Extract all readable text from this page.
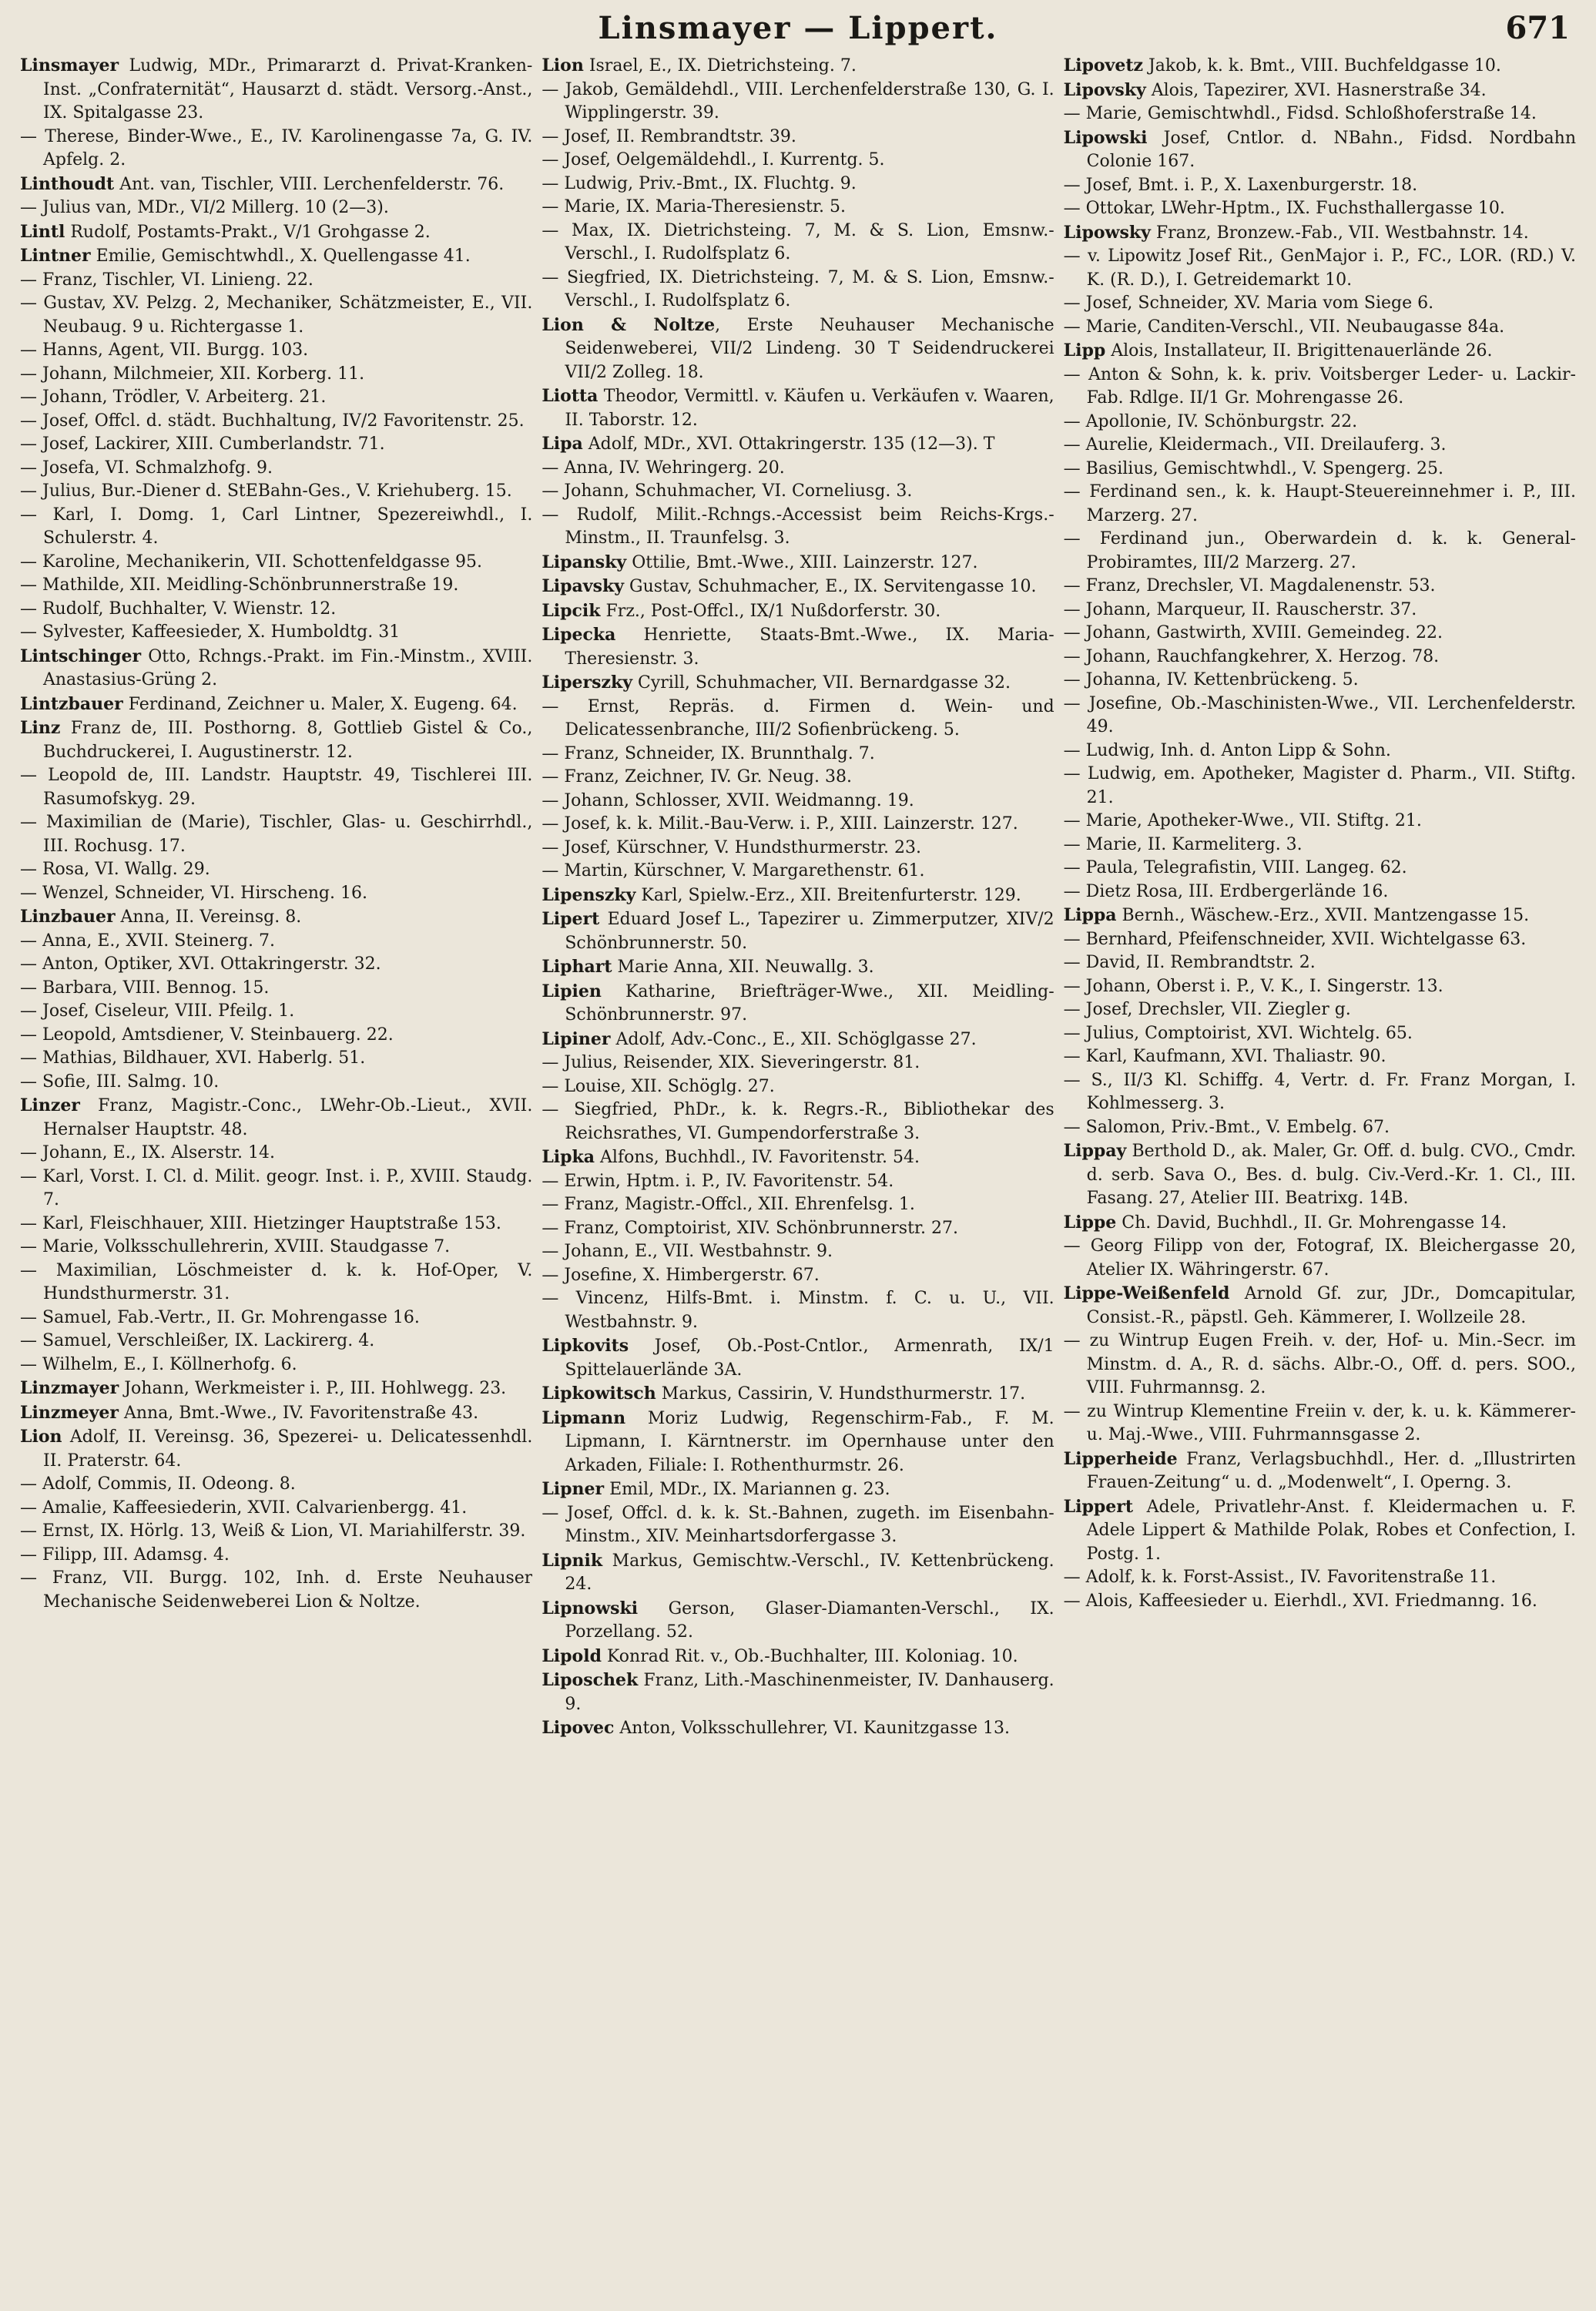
Linsmayer — Lippert.	671

Linsmayer Ludwig, MDr., Primararzt d. Privat-Kranken-Inst. „Confraternität“, Hausarzt d. städt. Versorg.-Anst., IX. Spitalgasse 23.

— Therese, Binder-Wwe., E., IV. Karolinengasse 7a, G. IV. Apfelg. 2.

Linthoudt Ant. van, Tischler, VIII. Lerchenfelderstr. 76.

— Julius van, MDr., VI/2 Millerg. 10 (2—3).

Lintl Rudolf, Postamts-Prakt., V/1 Grohgasse 2.

Lintner Emilie, Gemischtwhdl., X. Quellengasse 41.

— Franz, Tischler, VI. Linieng. 22.

— Gustav, XV. Pelzg. 2, Mechaniker, Schätzmeister, E., VII. Neubaug. 9 u. Richtergasse 1.

— Hanns, Agent, VII. Burgg. 103.

— Johann, Milchmeier, XII. Korberg. 11.

— Johann, Trödler, V. Arbeiterg. 21.

— Josef, Offcl. d. städt. Buchhaltung, IV/2 Favoritenstr. 25.

— Josef, Lackirer, XIII. Cumberlandstr. 71.

— Josefa, VI. Schmalzhofg. 9.

— Julius, Bur.-Diener d. StEBahn-Ges., V. Kriehuberg. 15.

— Karl, I. Domg. 1, Carl Lintner, Spezereiwhdl., I. Schulerstr. 4.

— Karoline, Mechanikerin, VII. Schottenfeldgasse 95.

— Mathilde, XII. Meidling-Schönbrunnerstraße 19.

— Rudolf, Buchhalter, V. Wienstr. 12.

— Sylvester, Kaffeesieder, X. Humboldtg. 31

Lintschinger Otto, Rchngs.-Prakt. im Fin.-Minstm., XVIII. Anastasius-Grüng 2.

Lintzbauer Ferdinand, Zeichner u. Maler, X. Eugeng. 64.

Linz Franz de, III. Posthorng. 8, Gottlieb Gistel & Co., Buchdruckerei, I. Augustinerstr. 12.

— Leopold de, III. Landstr. Hauptstr. 49, Tischlerei III. Rasumofskyg. 29.

— Maximilian de (Marie), Tischler, Glas- u. Geschirrhdl., III. Rochusg. 17.

— Rosa, VI. Wallg. 29.

— Wenzel, Schneider, VI. Hirscheng. 16.

Linzbauer Anna, II. Vereinsg. 8.

— Anna, E., XVII. Steinerg. 7.

— Anton, Optiker, XVI. Ottakringerstr. 32.

— Barbara, VIII. Bennog. 15.

— Josef, Ciseleur, VIII. Pfeilg. 1.

— Leopold, Amtsdiener, V. Steinbauerg. 22.

— Mathias, Bildhauer, XVI. Haberlg. 51.

— Sofie, III. Salmg. 10.

Linzer Franz, Magistr.-Conc., LWehr-Ob.-Lieut., XVII. Hernalser Hauptstr. 48.

— Johann, E., IX. Alserstr. 14.

— Karl, Vorst. I. Cl. d. Milit. geogr. Inst. i. P., XVIII. Staudg. 7.

— Karl, Fleischhauer, XIII. Hietzinger Hauptstraße 153.

— Marie, Volksschullehrerin, XVIII. Staudgasse 7.

— Maximilian, Löschmeister d. k. k. Hof-Oper, V. Hundsthurmerstr. 31.

— Samuel, Fab.-Vertr., II. Gr. Mohrengasse 16.

— Samuel, Verschleißer, IX. Lackirerg. 4.

— Wilhelm, E., I. Köllnerhofg. 6.

Linzmayer Johann, Werkmeister i. P., III. Hohlwegg. 23.

Linzmeyer Anna, Bmt.-Wwe., IV. Favoritenstraße 43.

Lion Adolf, II. Vereinsg. 36, Spezerei- u. Delicatessenhdl. II. Praterstr. 64.

— Adolf, Commis, II. Odeong. 8.

— Amalie, Kaffeesiederin, XVII. Calvarienbergg. 41.

— Ernst, IX. Hörlg. 13, Weiß & Lion, VI. Mariahilferstr. 39.

— Filipp, III. Adamsg. 4.

— Franz, VII. Burgg. 102, Inh. d. Erste Neuhauser Mechanische Seidenweberei Lion & Noltze.

Lion Israel, E., IX. Dietrichsteing. 7.

— Jakob, Gemäldehdl., VIII. Lerchenfelderstraße 130, G. I. Wipplingerstr. 39.

— Josef, II. Rembrandtstr. 39.

— Josef, Oelgemäldehdl., I. Kurrentg. 5.

— Ludwig, Priv.-Bmt., IX. Fluchtg. 9.

— Marie, IX. Maria-Theresienstr. 5.

— Max, IX. Dietrichsteing. 7, M. & S. Lion, Emsnw.-Verschl., I. Rudolfsplatz 6.

— Siegfried, IX. Dietrichsteing. 7, M. & S. Lion, Emsnw.-Verschl., I. Rudolfsplatz 6.

Lion & Noltze, Erste Neuhauser Mechanische Seidenweberei, VII/2 Lindeng. 30 T Seidendruckerei VII/2 Zolleg. 18.

Liotta Theodor, Vermittl. v. Käufen u. Verkäufen v. Waaren, II. Taborstr. 12.

Lipa Adolf, MDr., XVI. Ottakringerstr. 135 (12—3). T

— Anna, IV. Wehringerg. 20.

— Johann, Schuhmacher, VI. Corneliusg. 3.

— Rudolf, Milit.-Rchngs.-Accessist beim Reichs-Krgs.-Minstm., II. Traunfelsg. 3.

Lipansky Ottilie, Bmt.-Wwe., XIII. Lainzerstr. 127.

Lipavsky Gustav, Schuhmacher, E., IX. Servitengasse 10.

Lipcik Frz., Post-Offcl., IX/1 Nußdorferstr. 30.

Lipecka Henriette, Staats-Bmt.-Wwe., IX. Maria-Theresienstr. 3.

Liperszky Cyrill, Schuhmacher, VII. Bernardgasse 32.

— Ernst, Repräs. d. Firmen d. Wein- und Delicatessenbranche, III/2 Sofienbrückeng. 5.

— Franz, Schneider, IX. Brunnthalg. 7.

— Franz, Zeichner, IV. Gr. Neug. 38.

— Johann, Schlosser, XVII. Weidmanng. 19.

— Josef, k. k. Milit.-Bau-Verw. i. P., XIII. Lainzerstr. 127.

— Josef, Kürschner, V. Hundsthurmerstr. 23.

— Martin, Kürschner, V. Margarethenstr. 61.

Lipenszky Karl, Spielw.-Erz., XII. Breitenfurterstr. 129.

Lipert Eduard Josef L., Tapezirer u. Zimmerputzer, XIV/2 Schönbrunnerstr. 50.

Liphart Marie Anna, XII. Neuwallg. 3.

Lipien Katharine, Briefträger-Wwe., XII. Meidling-Schönbrunnerstr. 97.

Lipiner Adolf, Adv.-Conc., E., XII. Schöglgasse 27.

— Julius, Reisender, XIX. Sieveringerstr. 81.

— Louise, XII. Schöglg. 27.

— Siegfried, PhDr., k. k. Regrs.-R., Bibliothekar des Reichsrathes, VI. Gumpendorferstraße 3.

Lipka Alfons, Buchhdl., IV. Favoritenstr. 54.

— Erwin, Hptm. i. P., IV. Favoritenstr. 54.

— Franz, Magistr.-Offcl., XII. Ehrenfelsg. 1.

— Franz, Comptoirist, XIV. Schönbrunnerstr. 27.

— Johann, E., VII. Westbahnstr. 9.

— Josefine, X. Himbergerstr. 67.

— Vincenz, Hilfs-Bmt. i. Minstm. f. C. u. U., VII. Westbahnstr. 9.

Lipkovits Josef, Ob.-Post-Cntlor., Armenrath, IX/1 Spittelauerlände 3A.

Lipkowitsch Markus, Cassirin, V. Hundsthurmerstr. 17.

Lipmann Moriz Ludwig, Regenschirm-Fab., F. M. Lipmann, I. Kärntnerstr. im Opernhause unter den Arkaden, Filiale: I. Rothenthurmstr. 26.

Lipner Emil, MDr., IX. Mariannen g. 23.

— Josef, Offcl. d. k. k. St.-Bahnen, zugeth. im Eisenbahn-Minstm., XIV. Meinhartsdorfergasse 3.

Lipnik Markus, Gemischtw.-Verschl., IV. Kettenbrückeng. 24.

Lipnowski Gerson, Glaser-Diamanten-Verschl., IX. Porzellang. 52.

Lipold Konrad Rit. v., Ob.-Buchhalter, III. Koloniag. 10.

Liposchek Franz, Lith.-Maschinenmeister, IV. Danhauserg. 9.

Lipovec Anton, Volksschullehrer, VI. Kaunitzgasse 13.

Lipovetz Jakob, k. k. Bmt., VIII. Buchfeldgasse 10.

Lipovsky Alois, Tapezirer, XVI. Hasnerstraße 34.

— Marie, Gemischtwhdl., Fidsd. Schloßhoferstraße 14.

Lipowski Josef, Cntlor. d. NBahn., Fidsd. Nordbahn Colonie 167.

— Josef, Bmt. i. P., X. Laxenburgerstr. 18.

— Ottokar, LWehr-Hptm., IX. Fuchsthallergasse 10.

Lipowsky Franz, Bronzew.-Fab., VII. Westbahnstr. 14.

— v. Lipowitz Josef Rit., GenMajor i. P., FC., LOR. (RD.) V. K. (R. D.), I. Getreidemarkt 10.

— Josef, Schneider, XV. Maria vom Siege 6.

— Marie, Canditen-Verschl., VII. Neubaugasse 84a.

Lipp Alois, Installateur, II. Brigittenauerlände 26.

— Anton & Sohn, k. k. priv. Voitsberger Leder- u. Lackir-Fab. Rdlge. II/1 Gr. Mohrengasse 26.

— Apollonie, IV. Schönburgstr. 22.

— Aurelie, Kleidermach., VII. Dreilauferg. 3.

— Basilius, Gemischtwhdl., V. Spengerg. 25.

— Ferdinand sen., k. k. Haupt-Steuereinnehmer i. P., III. Marzerg. 27.

— Ferdinand jun., Oberwardein d. k. k. General-Probiramtes, III/2 Marzerg. 27.

— Franz, Drechsler, VI. Magdalenenstr. 53.

— Johann, Marqueur, II. Rauscherstr. 37.

— Johann, Gastwirth, XVIII. Gemeindeg. 22.

— Johann, Rauchfangkehrer, X. Herzog. 78.

— Johanna, IV. Kettenbrückeng. 5.

— Josefine, Ob.-Maschinisten-Wwe., VII. Lerchenfelderstr. 49.

— Ludwig, Inh. d. Anton Lipp & Sohn.

— Ludwig, em. Apotheker, Magister d. Pharm., VII. Stiftg. 21.

— Marie, Apotheker-Wwe., VII. Stiftg. 21.

— Marie, II. Karmeliterg. 3.

— Paula, Telegrafistin, VIII. Langeg. 62.

— Dietz Rosa, III. Erdbergerlände 16.

Lippa Bernh., Wäschew.-Erz., XVII. Mantzengasse 15.

— Bernhard, Pfeifenschneider, XVII. Wichtelgasse 63.

— David, II. Rembrandtstr. 2.

— Johann, Oberst i. P., V. K., I. Singerstr. 13.

— Josef, Drechsler, VII. Ziegler g.

— Julius, Comptoirist, XVI. Wichtelg. 65.

— Karl, Kaufmann, XVI. Thaliastr. 90.

— S., II/3 Kl. Schiffg. 4, Vertr. d. Fr. Franz Morgan, I. Kohlmesserg. 3.

— Salomon, Priv.-Bmt., V. Embelg. 67.

Lippay Berthold D., ak. Maler, Gr. Off. d. bulg. CVO., Cmdr. d. serb. Sava O., Bes. d. bulg. Civ.-Verd.-Kr. 1. Cl., III. Fasang. 27, Atelier III. Beatrixg. 14B.

Lippe Ch. David, Buchhdl., II. Gr. Mohrengasse 14.

— Georg Filipp von der, Fotograf, IX. Bleichergasse 20, Atelier IX. Währingerstr. 67.

Lippe-Weißenfeld Arnold Gf. zur, JDr., Domcapitular, Consist.-R., päpstl. Geh. Kämmerer, I. Wollzeile 28.

— zu Wintrup Eugen Freih. v. der, Hof- u. Min.-Secr. im Minstm. d. A., R. d. sächs. Albr.-O., Off. d. pers. SOO., VIII. Fuhrmannsg. 2.

— zu Wintrup Klementine Freiin v. der, k. u. k. Kämmerer- u. Maj.-Wwe., VIII. Fuhrmannsgasse 2.

Lipperheide Franz, Verlagsbuchhdl., Her. d. „Illustrirten Frauen-Zeitung“ u. d. „Modenwelt“, I. Operng. 3.

Lippert Adele, Privatlehr-Anst. f. Kleidermachen u. F. Adele Lippert & Mathilde Polak, Robes et Confection, I. Postg. 1.

— Adolf, k. k. Forst-Assist., IV. Favoritenstraße 11.

— Alois, Kaffeesieder u. Eierhdl., XVI. Friedmanng. 16.
